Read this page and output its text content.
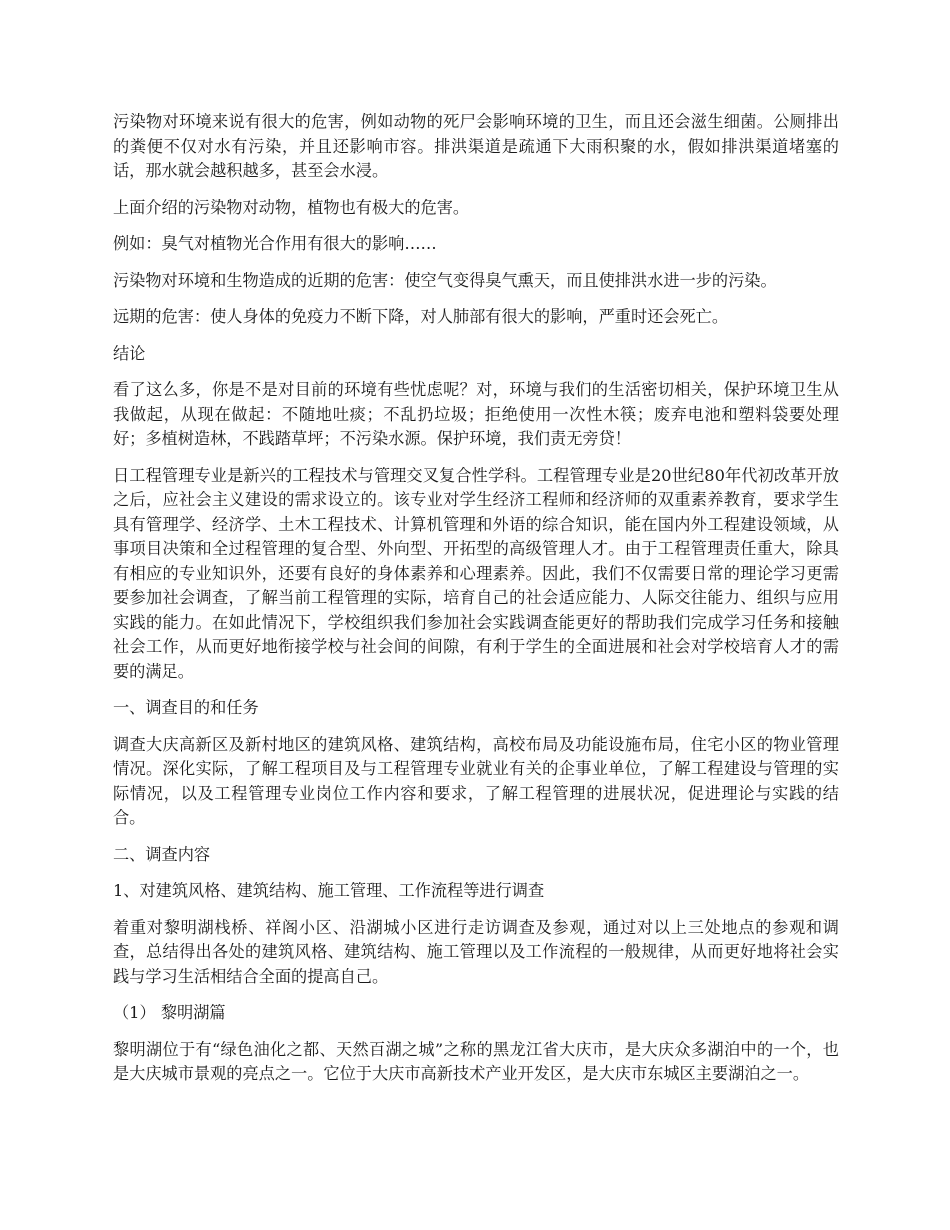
污染物对环境来说有很大的危害，例如动物的死尸会影响环境的卫生，而且还会滋生细菌。公厕排出的粪便不仅对水有污染，并且还影响市容。排洪渠道是疏通下大雨积聚的水，假如排洪渠道堵塞的话，那水就会越积越多，甚至会水浸。

上面介绍的污染物对动物，植物也有极大的危害。

例如：臭气对植物光合作用有很大的影响……

污染物对环境和生物造成的近期的危害：使空气变得臭气熏天，而且使排洪水进一步的污染。

远期的危害：使人身体的免疫力不断下降，对人肺部有很大的影响，严重时还会死亡。

结论

看了这么多，你是不是对目前的环境有些忧虑呢？对，环境与我们的生活密切相关，保护环境卫生从我做起，从现在做起：不随地吐痰；不乱扔垃圾；拒绝使用一次性木筷；废弃电池和塑料袋要处理好；多植树造林，不践踏草坪；不污染水源。保护环境，我们责无旁贷！

日工程管理专业是新兴的工程技术与管理交叉复合性学科。工程管理专业是20世纪80年代初改革开放之后，应社会主义建设的需求设立的。该专业对学生经济工程师和经济师的双重素养教育，要求学生具有管理学、经济学、土木工程技术、计算机管理和外语的综合知识，能在国内外工程建设领域，从事项目决策和全过程管理的复合型、外向型、开拓型的高级管理人才。由于工程管理责任重大，除具有相应的专业知识外，还要有良好的身体素养和心理素养。因此，我们不仅需要日常的理论学习更需要参加社会调查，了解当前工程管理的实际，培育自己的社会适应能力、人际交往能力、组织与应用实践的能力。在如此情况下，学校组织我们参加社会实践调查能更好的帮助我们完成学习任务和接触社会工作，从而更好地衔接学校与社会间的间隙，有利于学生的全面进展和社会对学校培育人才的需要的满足。

一、调查目的和任务

调查大庆高新区及新村地区的建筑风格、建筑结构，高校布局及功能设施布局，住宅小区的物业管理情况。深化实际，了解工程项目及与工程管理专业就业有关的企事业单位，了解工程建设与管理的实际情况，以及工程管理专业岗位工作内容和要求，了解工程管理的进展状况，促进理论与实践的结合。

二、调查内容

1、对建筑风格、建筑结构、施工管理、工作流程等进行调查

着重对黎明湖栈桥、祥阁小区、沿湖城小区进行走访调查及参观，通过对以上三处地点的参观和调查，总结得出各处的建筑风格、建筑结构、施工管理以及工作流程的一般规律，从而更好地将社会实践与学习生活相结合全面的提高自己。

（1） 黎明湖篇

黎明湖位于有“绿色油化之都、天然百湖之城”之称的黑龙江省大庆市，是大庆众多湖泊中的一个，也是大庆城市景观的亮点之一。它位于大庆市高新技术产业开发区，是大庆市东城区主要湖泊之一。
